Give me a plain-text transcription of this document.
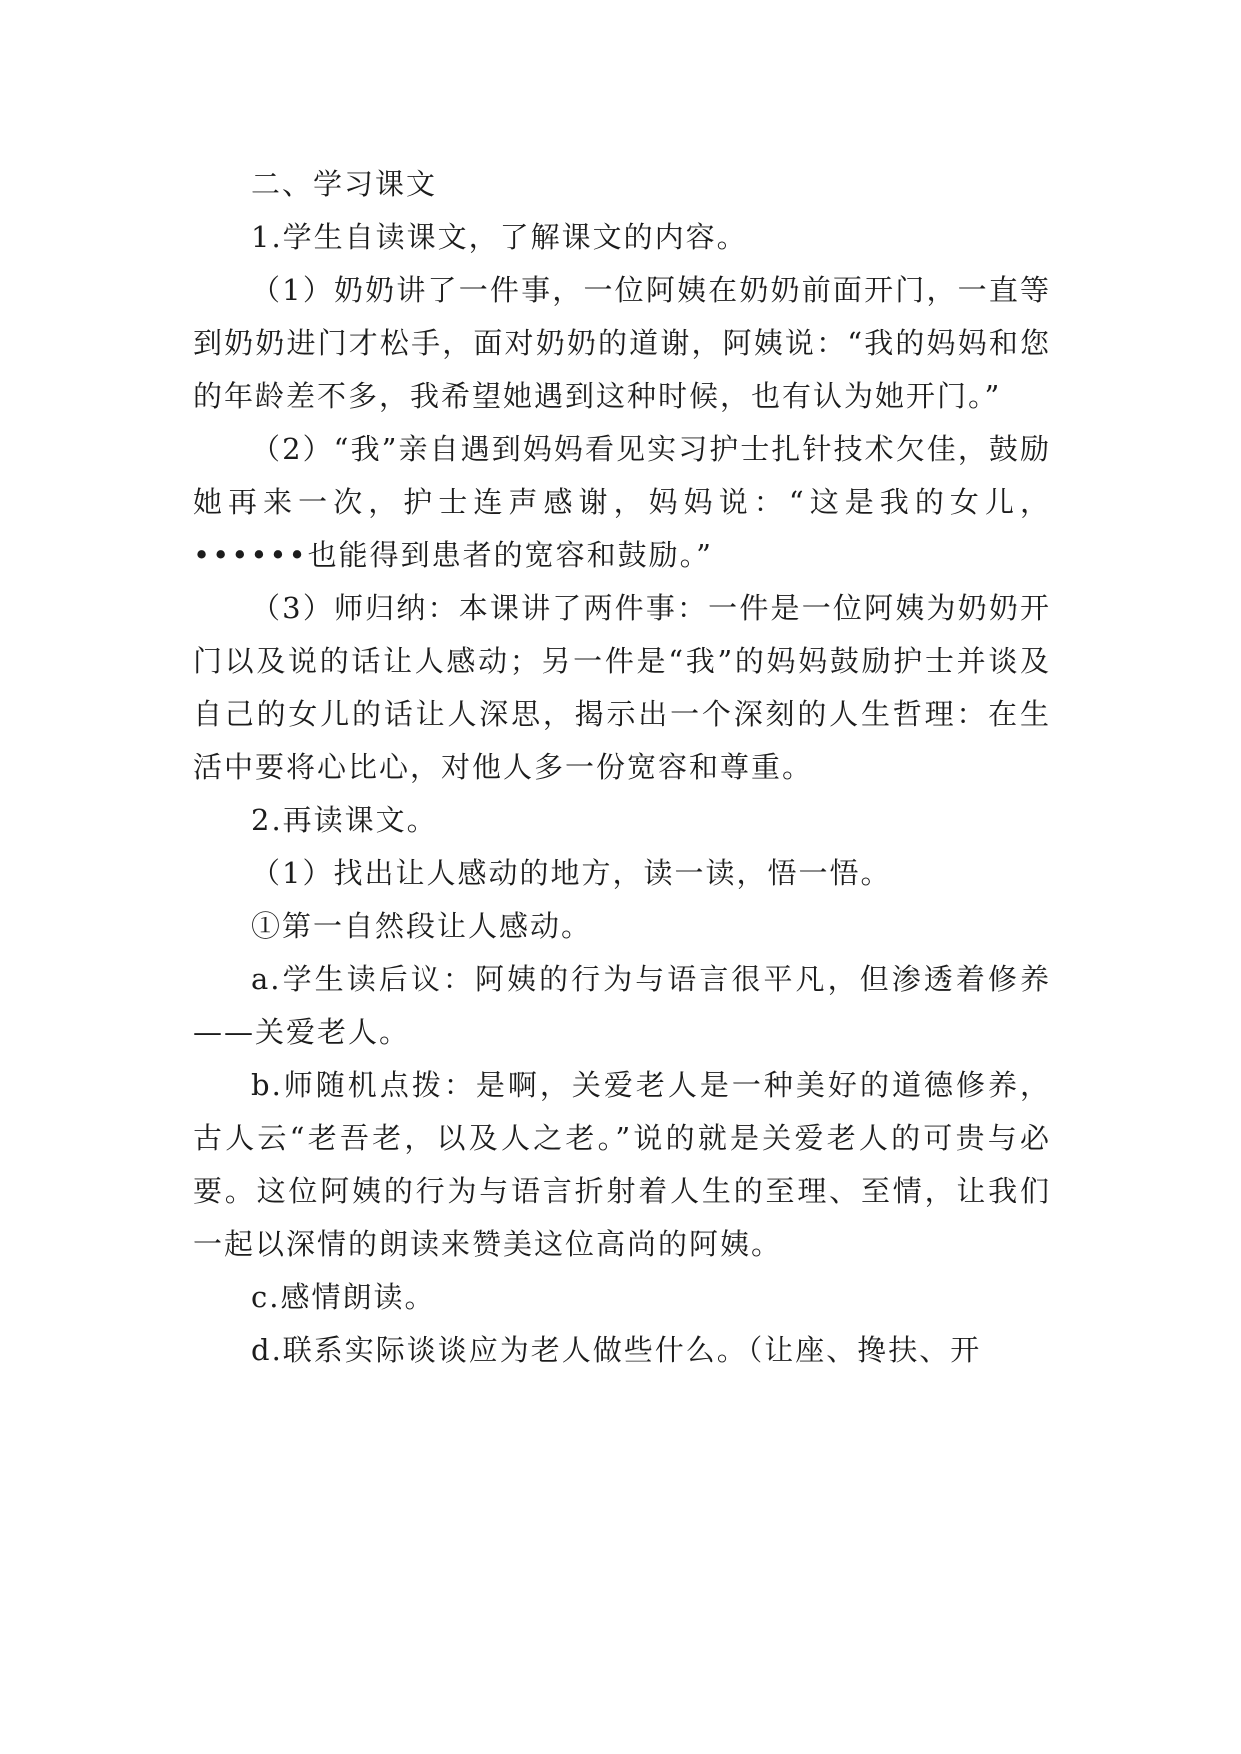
二、学习课文

1.学生自读课文，了解课文的内容。

（1）奶奶讲了一件事，一位阿姨在奶奶前面开门，一直等到奶奶进门才松手，面对奶奶的道谢，阿姨说：“我的妈妈和您的年龄差不多，我希望她遇到这种时候，也有认为她开门。”

（2）“我”亲自遇到妈妈看见实习护士扎针技术欠佳，鼓励她再来一次，护士连声感谢，妈妈说：“这是我的女儿，••••••也能得到患者的宽容和鼓励。”

（3）师归纳：本课讲了两件事：一件是一位阿姨为奶奶开门以及说的话让人感动；另一件是“我”的妈妈鼓励护士并谈及自己的女儿的话让人深思，揭示出一个深刻的人生哲理：在生活中要将心比心，对他人多一份宽容和尊重。

2.再读课文。

（1）找出让人感动的地方，读一读，悟一悟。

①第一自然段让人感动。

a.学生读后议：阿姨的行为与语言很平凡，但渗透着修养——关爱老人。

b.师随机点拨：是啊，关爱老人是一种美好的道德修养，古人云“老吾老，以及人之老。”说的就是关爱老人的可贵与必要。这位阿姨的行为与语言折射着人生的至理、至情，让我们一起以深情的朗读来赞美这位高尚的阿姨。

c.感情朗读。

d.联系实际谈谈应为老人做些什么。（让座、搀扶、开
